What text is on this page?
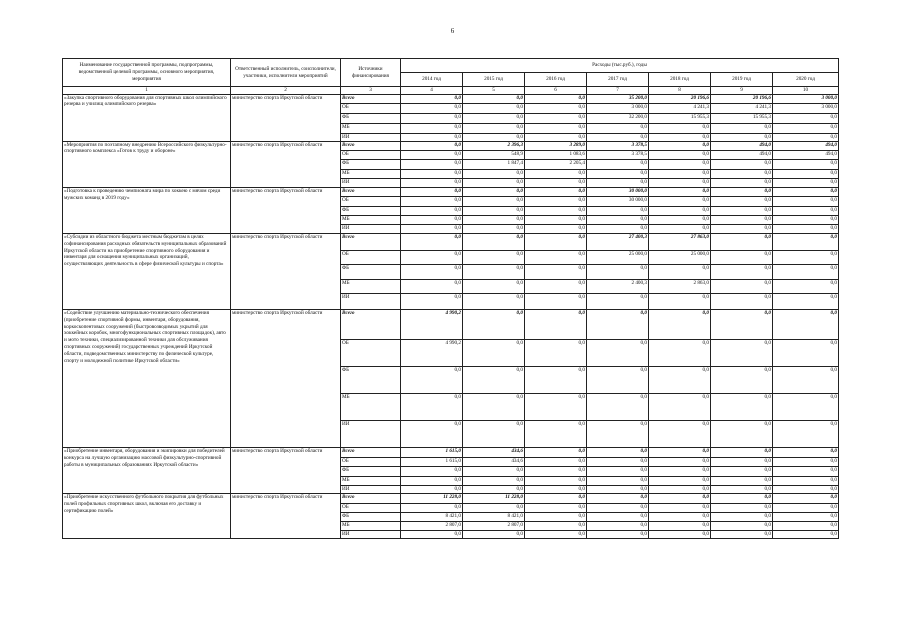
6
Наименование государственной программы, подпрограммы, ведомственной целевой программы, основного мероприятия, мероприятия	Ответственный исполнитель, соисполнители, участники, исполнители мероприятий	Источники финансирования	Расходы (тыс.руб.), годы						
			2014 год	2015 год	2016 год	2017 год	2018 год	2019 год	2020 год
1	2	3	4	5	6	7	8	9	10
«Закупка спортивного оборудования для спортивных школ олимпийского резерва и училищ олимпийского резерва»	министерство спорта Иркутской области	Всего	0,0	0,0	0,0	35 200,0	20 196,6	20 196,6	3 000,0
		ОБ	0,0	0,0	0,0	3 000,0	4 241,3	4 241,3	3 000,0
		ФБ	0,0	0,0	0,0	32 200,0	15 955,3	15 955,3	0,0
		МБ	0,0	0,0	0,0	0,0	0,0	0,0	0,0
		ИИ	0,0	0,0	0,0	0,0	0,0	0,0	0,0
«Мероприятия по поэтапному внедрению Всероссийского физкультурно-спортивного комплекса «Готов к труду и обороне»	министерство спорта Иркутской области	Всего	0,0	2 396,3	3 289,0	3 378,5	0,0	494,0	494,0
		ОБ	0,0	548,9	1 083,6	3 378,5	0,0	494,0	494,0
		ФБ	0,0	1 847,4	2 205,4	0,0	0,0	0,0	0,0
		МБ	0,0	0,0	0,0	0,0	0,0	0,0	0,0
		ИИ	0,0	0,0	0,0	0,0	0,0	0,0	0,0
«Подготовка к проведению чемпионата мира по хоккею с мячом среди мужских команд в 2019 году»	министерство спорта Иркутской области	Всего	0,0	0,0	0,0	30 000,0	0,0	0,0	0,0
		ОБ	0,0	0,0	0,0	30 000,0	0,0	0,0	0,0
		ФБ	0,0	0,0	0,0	0,0	0,0	0,0	0,0
		МБ	0,0	0,0	0,0	0,0	0,0	0,0	0,0
		ИИ	0,0	0,0	0,0	0,0	0,0	0,0	0,0
«Субсидии из областного бюджета местным бюджетам в целях софинансирования расходных обязательств муниципальных образований Иркутской области на приобретение спортивного оборудования и инвентаря для оснащения муниципальных организаций, осуществляющих деятельность в сфере физической культуры и спорта»	министерство спорта Иркутской области	Всего	0,0	0,0	0,0	27 400,3	27 863,0	0,0	0,0
		ОБ	0,0	0,0	0,0	25 000,0	25 000,0	0,0	0,0
		ФБ	0,0	0,0	0,0	0,0	0,0	0,0	0,0
		МБ	0,0	0,0	0,0	2 400,3	2 863,0	0,0	0,0
		ИИ	0,0	0,0	0,0	0,0	0,0	0,0	0,0
«Содействие улучшению материально-технического обеспечения (приобретение спортивной формы, инвентаря, оборудования, коркоскопентовых сооружений (быстровозводимых укрытий для хоккейных коробок, многофункциональных спортивных площадок), авто и мото техники, специализированной техники для обслуживания спортивных сооружений) государственных учреждений Иркутской области, подведомственных министерству по физической культуре, спорту и молодежной политике Иркутской области»	министерство спорта Иркутской области	Всего	4 990,2	0,0	0,0	0,0	0,0	0,0	0,0
		ОБ	4 990,2	0,0	0,0	0,0	0,0	0,0	0,0
		ФБ	0,0	0,0	0,0	0,0	0,0	0,0	0,0
		МБ	0,0	0,0	0,0	0,0	0,0	0,0	0,0
		ИИ	0,0	0,0	0,0	0,0	0,0	0,0	0,0
«Приобретение инвентаря, оборудования и экипировки для победителей конкурса на лучшую организацию массовой физкультурно-спортивной работы в муниципальных образованиях Иркутской области»	министерство спорта Иркутской области	Всего	1 615,0	434,6	0,0	0,0	0,0	0,0	0,0
		ОБ	1 615,0	434,6	0,0	0,0	0,0	0,0	0,0
		ФБ	0,0	0,0	0,0	0,0	0,0	0,0	0,0
		МБ	0,0	0,0	0,0	0,0	0,0	0,0	0,0
		ИИ	0,0	0,0	0,0	0,0	0,0	0,0	0,0
«Приобретение искусственного футбольного покрытия для футбольных полей профильных спортивных школ, включая его доставку и сертификацию полей»	министерство спорта Иркутской области	Всего	11 228,0	11 228,0	0,0	0,0	0,0	0,0	0,0
		ОБ	0,0	0,0	0,0	0,0	0,0	0,0	0,0
		ФБ	8 421,0	8 421,0	0,0	0,0	0,0	0,0	0,0
		МБ	2 807,0	2 807,0	0,0	0,0	0,0	0,0	0,0
		ИИ	0,0	0,0	0,0	0,0	0,0	0,0	0,0
